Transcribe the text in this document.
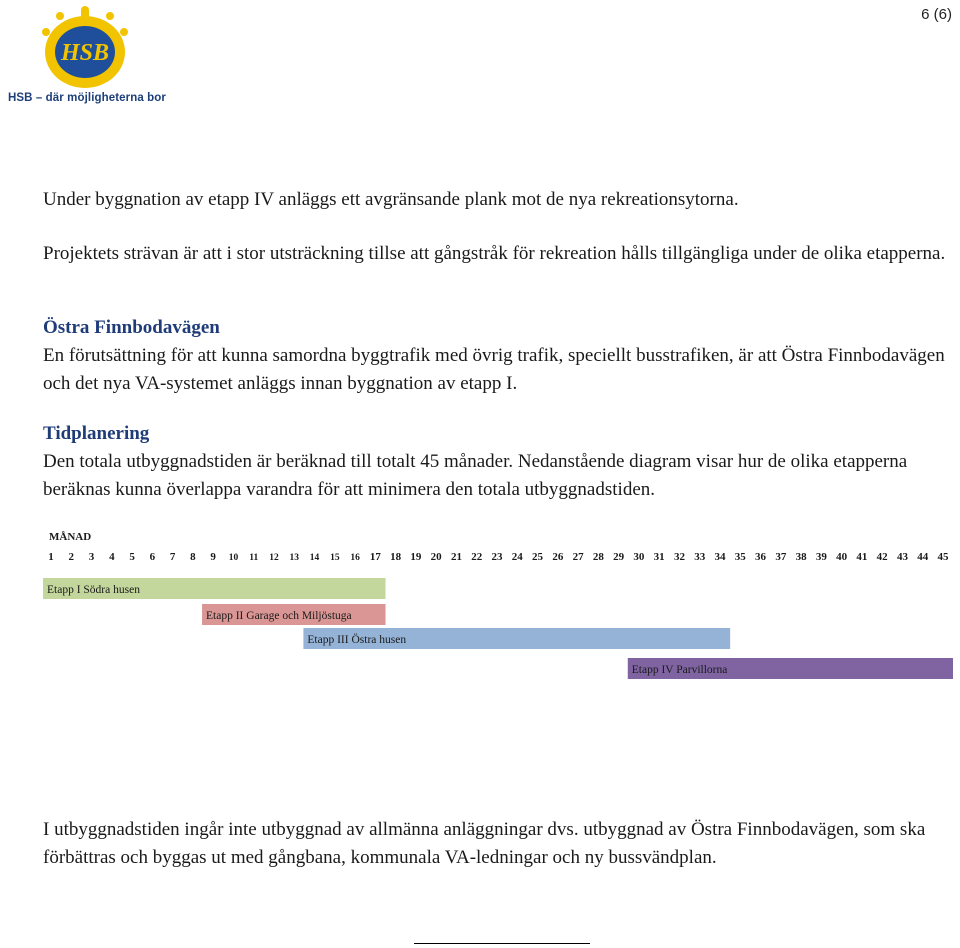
6 (6)
HSB
HSB – där möjligheterna bor

Under byggnation av etapp IV anläggs ett avgränsande plank mot de nya rekreationsytorna.

Projektets strävan är att i stor utsträckning tillse att gångstråk för rekreation hålls tillgängliga under de olika etapperna.

Östra Finnbodavägen

En förutsättning för att kunna samordna byggtrafik med övrig trafik, speciellt busstrafiken, är att Östra Finnbodavägen och det nya VA-systemet anläggs innan byggnation av etapp I.

Tidplanering

Den totala utbyggnadstiden är beräknad till totalt 45 månader. Nedanstående diagram visar hur de olika etapperna beräknas kunna överlappa varandra för att minimera den totala utbyggnadstiden.

I utbyggnadstiden ingår inte utbyggnad av allmänna anläggningar dvs. utbyggnad av Östra Finnbodavägen, som ska förbättras och byggas ut med gångbana, kommunala VA-ledningar och ny bussvändplan.

MÅNAD
1 2 3 4 5 6 7 8 9 10 11 12 13 14 15 16 17 18 19 20 21 22 23 24 25 26 27 28 29 30 31 32 33 34 35 36 37 38 39 40 41 42 43 44 45
Etapp I Södra husen
Etapp II Garage och Miljöstuga
Etapp III Östra husen
Etapp IV Parvillorna
